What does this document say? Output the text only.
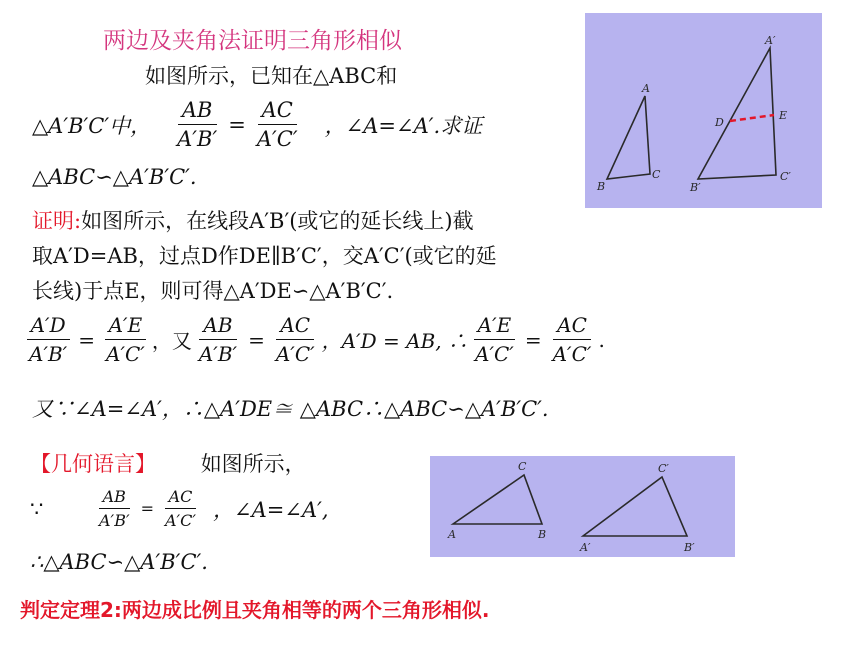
两边及夹角法证明三角形相似
如图所示，已知在△ABC和
△A′B′C′中， $\frac{AB}{A'B'} = \frac{AC}{A'C'}$ ，∠A=∠A′.求证
△ABC∽△A′B′C′.
证明:如图所示，在线段A′B′(或它的延长线上)截
取A′D=AB，过点D作DE∥B′C′，交A′C′(或它的延
长线)于点E，则可得△A′DE∽△A′B′C′.
$\frac{A'D}{A'B'} = \frac{A'E}{A'C'}$ ，又 $\frac{AB}{A'B'} = \frac{AC}{A'C'}$ ，A′D = AB, ∴ $\frac{A'E}{A'C'} = \frac{AC}{A'C'}$ .
又∵∠A=∠A′，∴△A′DE≅ △ABC∴△ABC∽△A′B′C′.
【几何语言】 如图所示，
∵	$\frac{AB}{A'B'} = \frac{AC}{A'C'}$ ，∠A=∠A′,
∴△ABC∽△A′B′C′.
判定定理2:两边成比例且夹角相等的两个三角形相似.
A
B
C
A′
B′
C′
D
E
C
A	B
C′
A′	B′
